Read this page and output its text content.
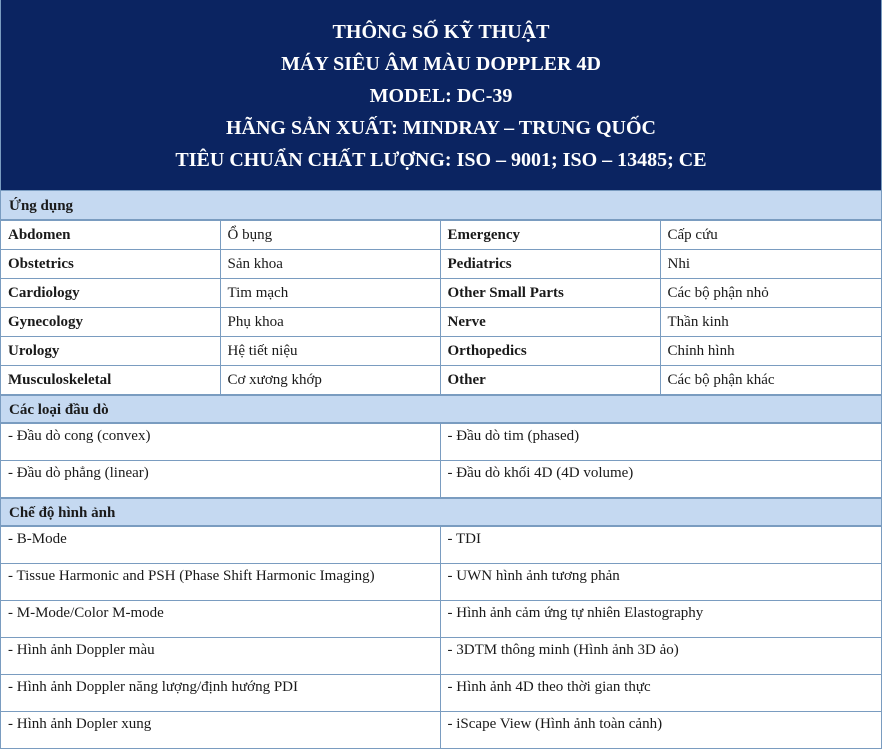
THÔNG SỐ KỸ THUẬT
MÁY SIÊU ÂM MÀU DOPPLER 4D
MODEL: DC-39
HÃNG SẢN XUẤT: MINDRAY – TRUNG QUỐC
TIÊU CHUẨN CHẤT LƯỢNG: ISO – 9001; ISO – 13485; CE
Ứng dụng
Abdomen	Ổ bụng	Emergency	Cấp cứu
Obstetrics	Sản khoa	Pediatrics	Nhi
Cardiology	Tim mạch	Other Small Parts	Các bộ phận nhỏ
Gynecology	Phụ khoa	Nerve	Thần kinh
Urology	Hệ tiết niệu	Orthopedics	Chỉnh hình
Musculoskeletal	Cơ xương khớp	Other	Các bộ phận khác
Các loại đầu dò
- Đầu dò cong (convex)	- Đầu dò tim (phased)
- Đầu dò phẳng (linear)	- Đầu dò khối 4D (4D volume)
Chế độ hình ảnh
- B-Mode	- TDI
- Tissue Harmonic and PSH (Phase Shift Harmonic Imaging)	- UWN hình ảnh tương phản
- M-Mode/Color M-mode	- Hình ảnh cảm ứng tự nhiên Elastography
- Hình ảnh Doppler màu	- 3DTM thông minh (Hình ảnh 3D ảo)
- Hình ảnh Doppler năng lượng/định hướng PDI	- Hình ảnh 4D theo thời gian thực
- Hình ảnh Dopler xung	- iScape View (Hình ảnh toàn cảnh)
